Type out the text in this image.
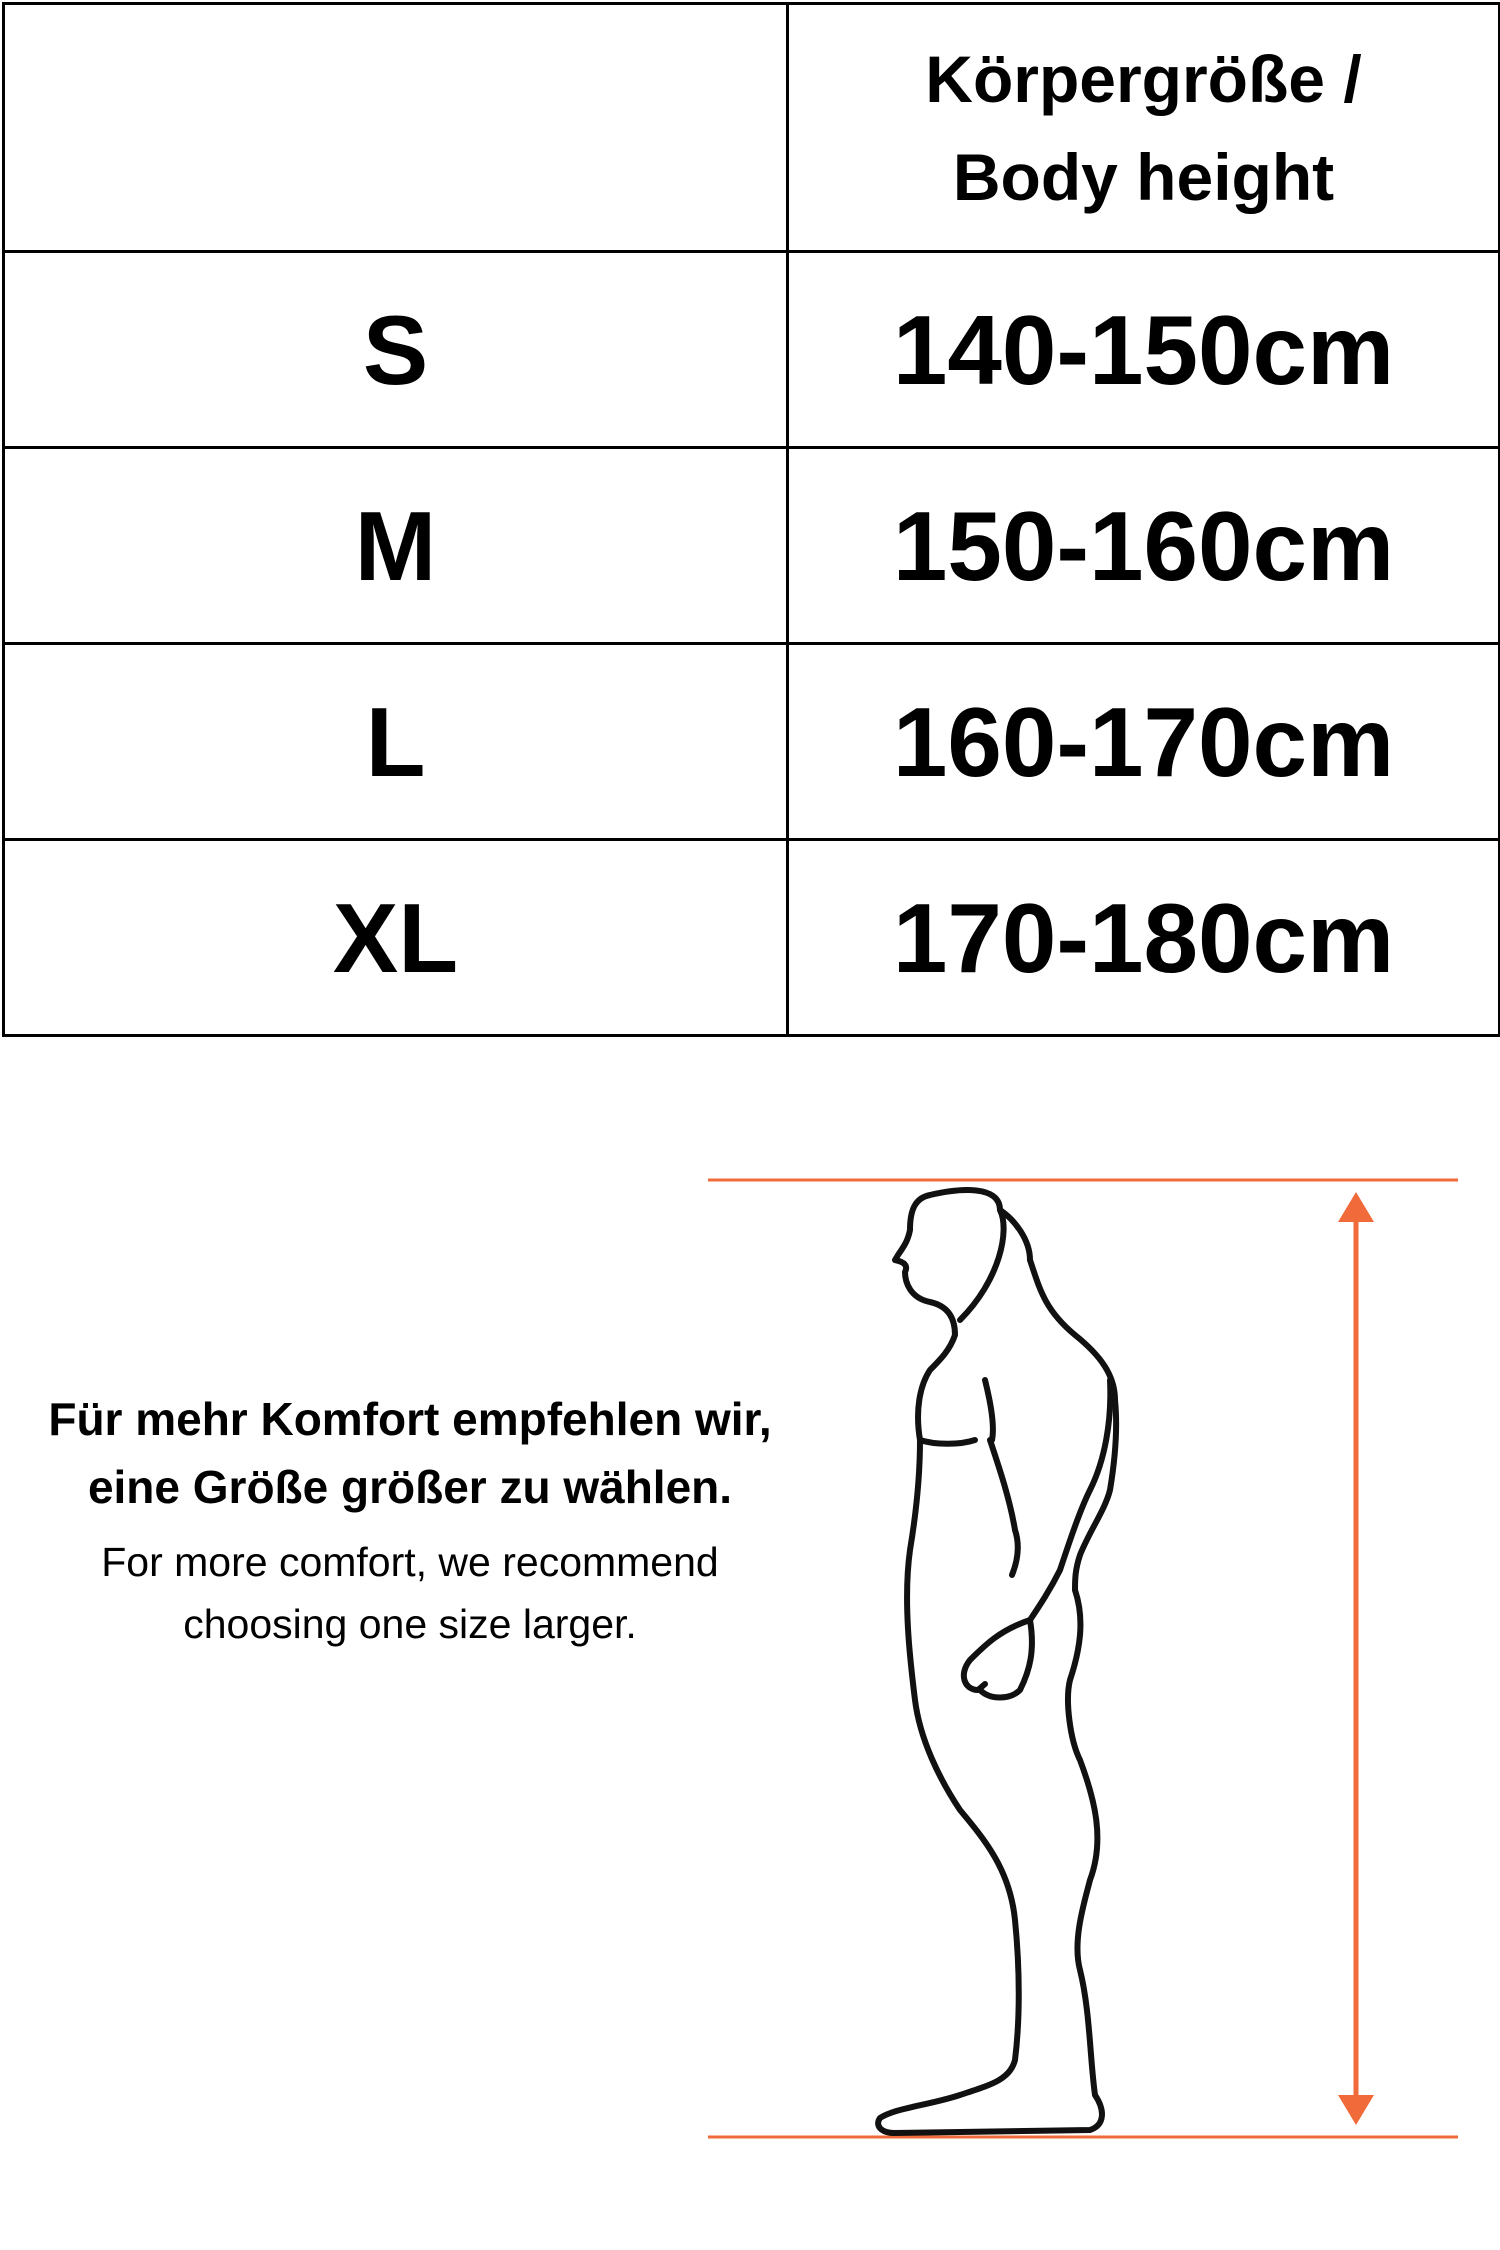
	Körpergröße /
Body height

S	140-150cm
M	150-160cm
L	160-170cm
XL	170-180cm
Für mehr Komfort empfehlen wir,
eine Größe größer zu wählen.
For more comfort, we recommend
choosing one size larger.
